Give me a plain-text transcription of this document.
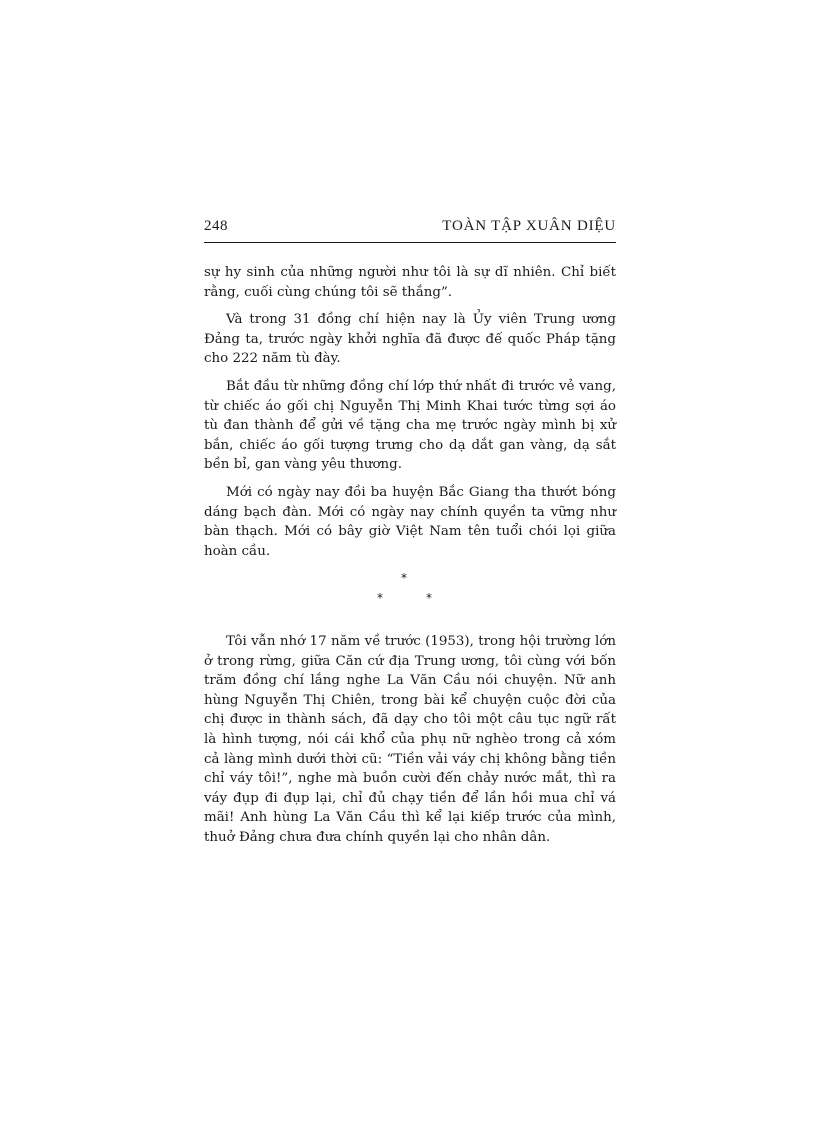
248	TOÀN TẬP XUÂN DIỆU

sự hy sinh của những người như tôi là sự dĩ nhiên. Chỉ biết rằng, cuối cùng chúng tôi sẽ thắng”.

Và trong 31 đồng chí hiện nay là Ủy viên Trung ương Đảng ta, trước ngày khởi nghĩa đã được đế quốc Pháp tặng cho 222 năm tù đày.

Bắt đầu từ những đồng chí lớp thứ nhất đi trước vẻ vang, từ chiếc áo gối chị Nguyễn Thị Minh Khai tước từng sợi áo tù đan thành để gửi về tặng cha mẹ trước ngày mình bị xử bắn, chiếc áo gối tượng trưng cho dạ dắt gan vàng, dạ sắt bền bỉ, gan vàng yêu thương.

Mới có ngày nay đồi ba huyện Bắc Giang tha thướt bóng dáng bạch đàn. Mới có ngày nay chính quyền ta vững như bàn thạch. Mới có bây giờ Việt Nam tên tuổi chói lọi giữa hoàn cầu.

*
*	*

Tôi vẫn nhớ 17 năm về trước (1953), trong hội trường lớn ở trong rừng, giữa Căn cứ địa Trung ương, tôi cùng với bốn trăm đồng chí lắng nghe La Văn Cầu nói chuyện. Nữ anh hùng Nguyễn Thị Chiên, trong bài kể chuyện cuộc đời của chị được in thành sách, đã dạy cho tôi một câu tục ngữ rất là hình tượng, nói cái khổ của phụ nữ nghèo trong cả xóm cả làng mình dưới thời cũ: “Tiền vải váy chị không bằng tiền chỉ váy tôi!”, nghe mà buồn cười đến chảy nước mắt, thì ra váy đụp đi đụp lại, chỉ đủ chạy tiền để lần hồi mua chỉ vá mãi! Anh hùng La Văn Cầu thì kể lại kiếp trước của mình, thuở Đảng chưa đưa chính quyền lại cho nhân dân.
